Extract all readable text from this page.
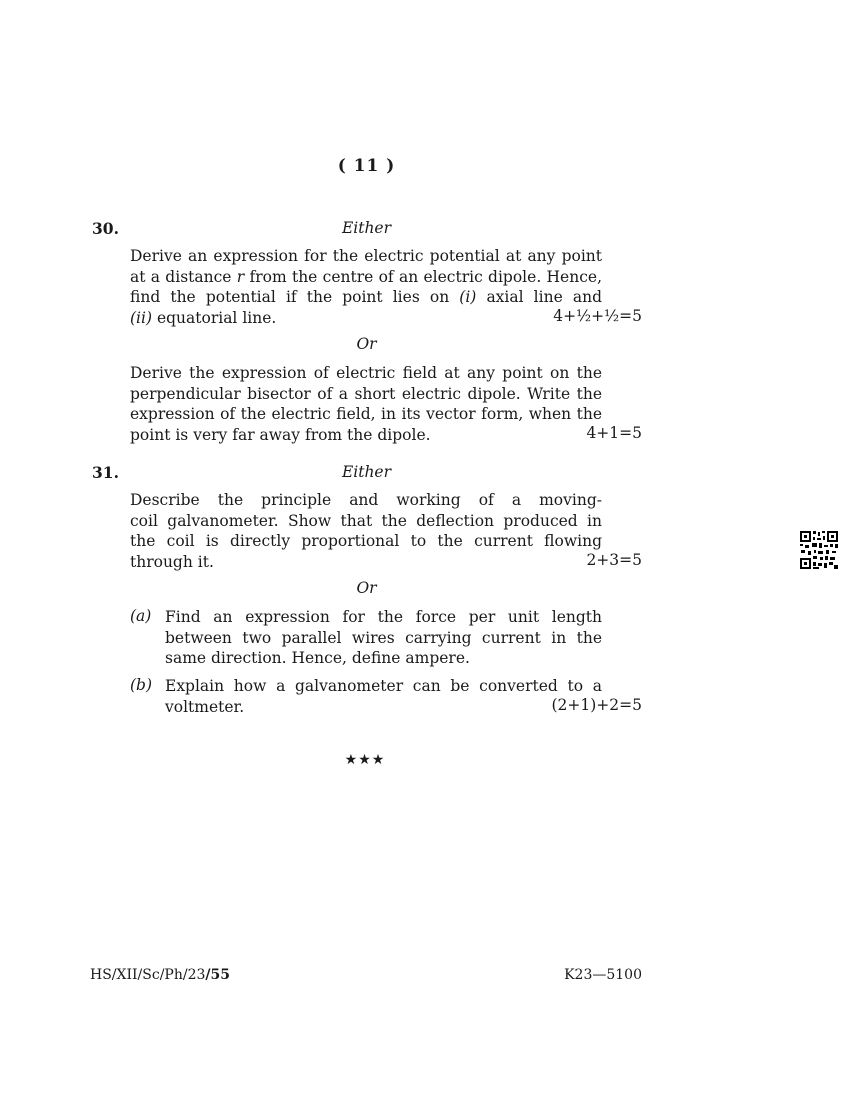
( 11 )
30.	Either
Derive an expression for the electric potential at any point
at a distance r from the centre of an electric dipole. Hence,
find the potential if the point lies on (i) axial line and
(ii) equatorial line.	4+½+½=5
Or
Derive the expression of electric field at any point on the
perpendicular bisector of a short electric dipole. Write the
expression of the electric field, in its vector form, when the
point is very far away from the dipole.	4+1=5
31.	Either
Describe the principle and working of a moving-
coil galvanometer. Show that the deflection produced in
the coil is directly proportional to the current flowing
through it.	2+3=5
Or
(a) Find an expression for the force per unit length
between two parallel wires carrying current in the
same direction. Hence, define ampere.
(b) Explain how a galvanometer can be converted to a
voltmeter.	(2+1)+2=5
★★★
HS/XII/Sc/Ph/23/55	K23—5100
